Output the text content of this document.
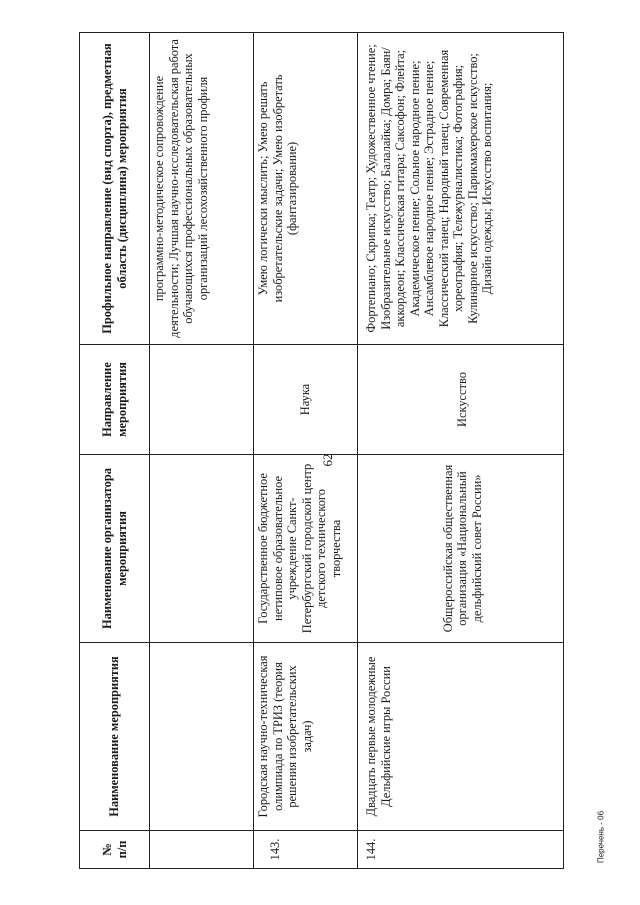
62
№ п/п	Наименование мероприятия	Наименование организатора мероприятия	Направление мероприятия	Профильное направление (вид спорта), предметная область (дисциплина) мероприятия
				программно-методическое сопровождение деятельности; Лучшая научно-исследовательская работа обучающихся профессиональных образовательных организаций лесохозяйственного профиля
143.	Городская научно-техническая олимпиада по ТРИЗ (теория решения изобретательских задач)	Государственное бюджетное нетиповое образовательное учреждение Санкт-Петербургский городской центр детского технического творчества	Наука	Умею логически мыслить; Умею решать изобретательские задачи; Умею изобретать (фантазирование)
144.	Двадцать первые молодежные Дельфийские игры России	Общероссийская общественная организация «Национальный дельфийский совет России»	Искусство	Фортепиано; Скрипка; Театр; Художественное чтение; Изобразительное искусство; Балалайка; Домра; Баян/аккордеон; Классическая гитара; Саксофон; Флейта; Академическое пение; Сольное народное пение; Ансамблевое народное пение; Эстрадное пение; Классический танец; Народный танец; Современная хореография; Тележурналистика; Фотография; Кулинарное искусство; Парикмахерское искусство; Дизайн одежды; Искусство воспитания;
Перечень - 06
